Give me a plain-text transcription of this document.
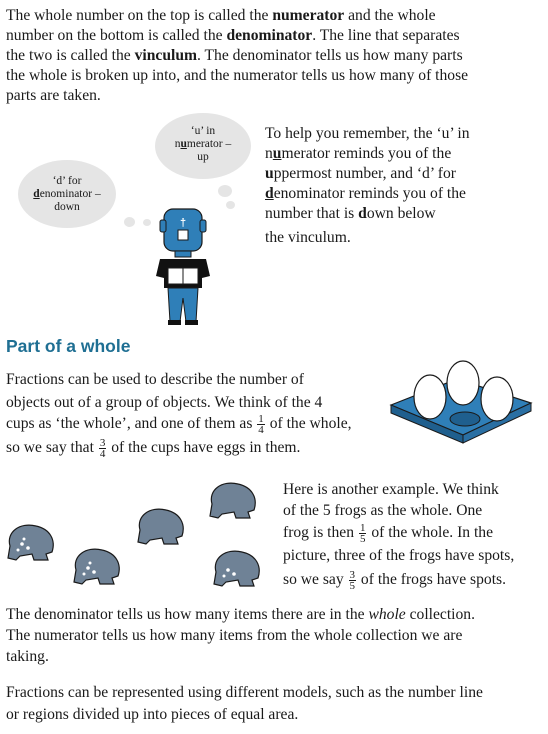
The whole number on the top is called the numerator and the whole

number on the bottom is called the denominator. The line that separates

the two is called the vinculum. The denominator tells us how many parts

the whole is broken up into, and the numerator tells us how many of those

parts are taken.

‘u’ in
numerator –
up
‘d’ for
denominator –
down
†

To help you remember, the ‘u’ in

numerator reminds you of the

uppermost number, and ‘d’ for

denominator reminds you of the

number that is down below

the vinculum.

Part of a whole

Fractions can be used to describe the number of

objects out of a group of objects. We think of the 4

cups as ‘the whole’, and one of them as $\frac{1}{4}$ of the whole,

so we say that $\frac{3}{4}$ of the cups have eggs in them.

Here is another example. We think

of the 5 frogs as the whole. One

frog is then $\frac{1}{5}$ of the whole. In the

picture, three of the frogs have spots,

so we say $\frac{3}{5}$ of the frogs have spots.

The denominator tells us how many items there are in the whole collection.

The numerator tells us how many items from the whole collection we are

taking.

Fractions can be represented using different models, such as the number line

or regions divided up into pieces of equal area.
